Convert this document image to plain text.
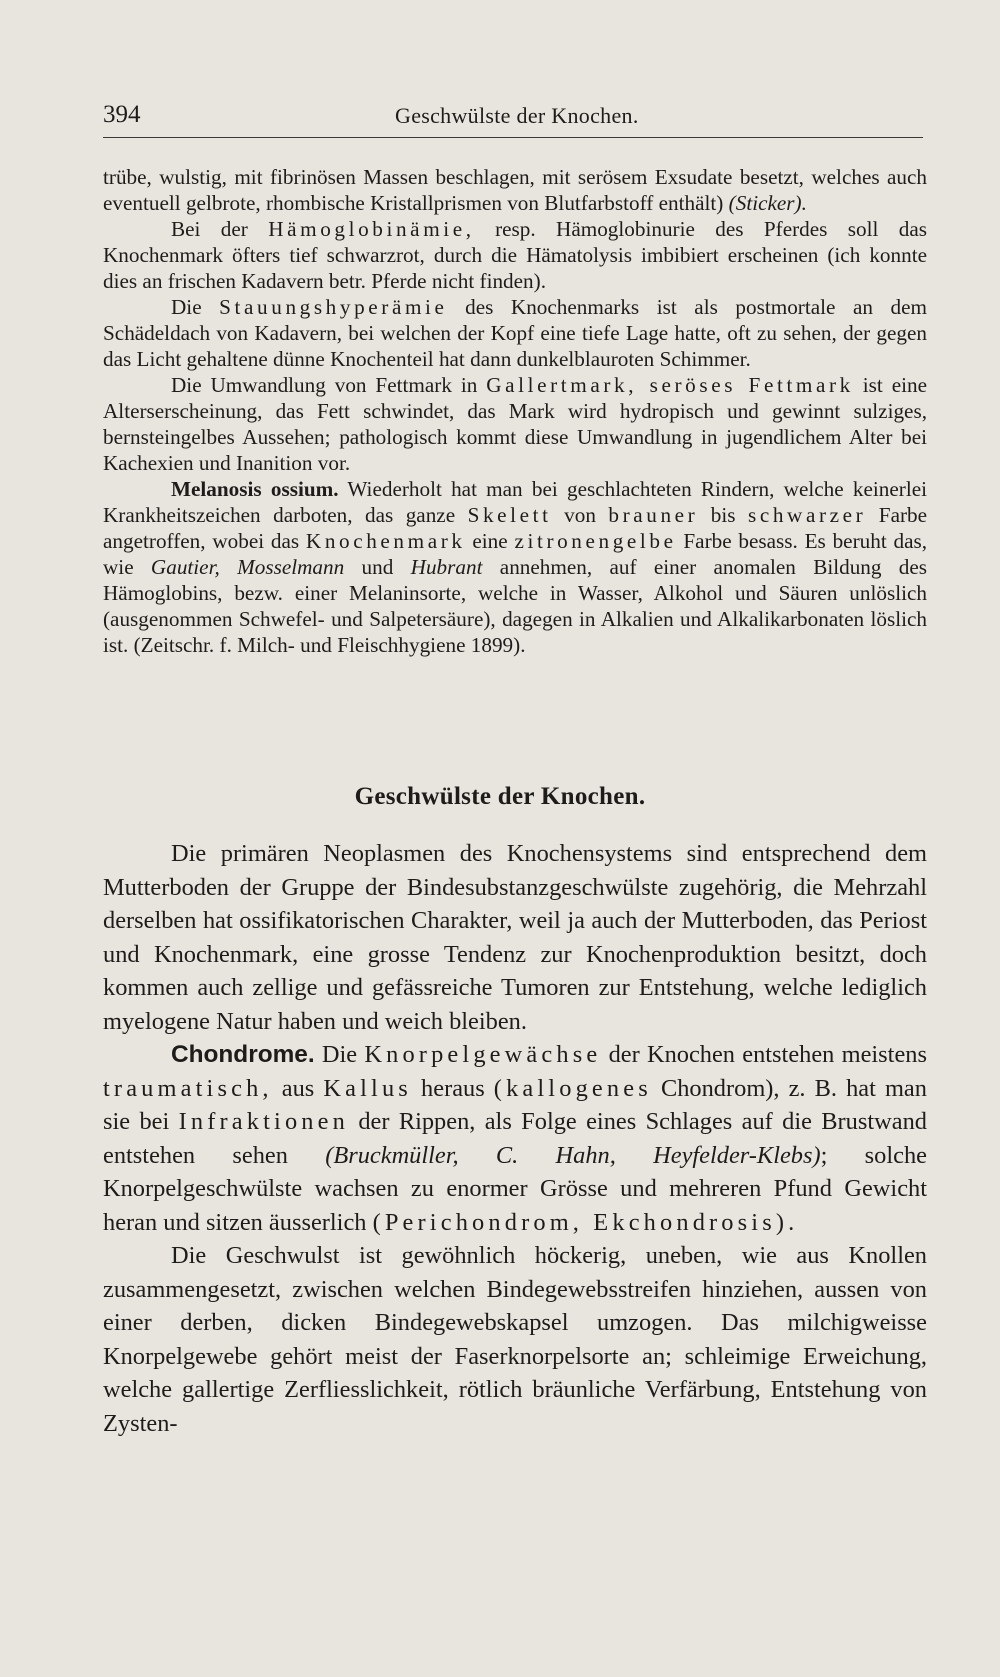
394	Geschwülste der Knochen.

trübe, wulstig, mit fibrinösen Massen beschlagen, mit serösem Exsudate besetzt, welches auch eventuell gelbrote, rhombische Kristallprismen von Blutfarbstoff enthält) (Sticker).

Bei der Hämoglobinämie, resp. Hämoglobinurie des Pferdes soll das Knochenmark öfters tief schwarzrot, durch die Hämatolysis imbibiert erscheinen (ich konnte dies an frischen Kadavern betr. Pferde nicht finden).

Die Stauungshyperämie des Knochenmarks ist als postmortale an dem Schädeldach von Kadavern, bei welchen der Kopf eine tiefe Lage hatte, oft zu sehen, der gegen das Licht gehaltene dünne Knochenteil hat dann dunkelblauroten Schimmer.

Die Umwandlung von Fettmark in Gallertmark, seröses Fettmark ist eine Alterserscheinung, das Fett schwindet, das Mark wird hydropisch und gewinnt sulziges, bernsteingelbes Aussehen; pathologisch kommt diese Umwandlung in jugendlichem Alter bei Kachexien und Inanition vor.

Melanosis ossium. Wiederholt hat man bei geschlachteten Rindern, welche keinerlei Krankheitszeichen darboten, das ganze Skelett von brauner bis schwarzer Farbe angetroffen, wobei das Knochenmark eine zitronengelbe Farbe besass. Es beruht das, wie Gautier, Mosselmann und Hubrant annehmen, auf einer anomalen Bildung des Hämoglobins, bezw. einer Melaninsorte, welche in Wasser, Alkohol und Säuren unlöslich (ausgenommen Schwefel- und Salpetersäure), dagegen in Alkalien und Alkalikarbonaten löslich ist. (Zeitschr. f. Milch- und Fleischhygiene 1899).

Geschwülste der Knochen.

Die primären Neoplasmen des Knochensystems sind entsprechend dem Mutterboden der Gruppe der Bindesubstanzgeschwülste zugehörig, die Mehrzahl derselben hat ossifikatorischen Charakter, weil ja auch der Mutterboden, das Periost und Knochenmark, eine grosse Tendenz zur Knochenproduktion besitzt, doch kommen auch zellige und gefässreiche Tumoren zur Entstehung, welche lediglich myelogene Natur haben und weich bleiben.

Chondrome. Die Knorpelgewächse der Knochen entstehen meistens traumatisch, aus Kallus heraus (kallogenes Chondrom), z. B. hat man sie bei Infraktionen der Rippen, als Folge eines Schlages auf die Brustwand entstehen sehen (Bruckmüller, C. Hahn, Heyfelder-Klebs); solche Knorpelgeschwülste wachsen zu enormer Grösse und mehreren Pfund Gewicht heran und sitzen äusserlich (Perichondrom, Ekchondrosis).

Die Geschwulst ist gewöhnlich höckerig, uneben, wie aus Knollen zusammengesetzt, zwischen welchen Bindegewebsstreifen hinziehen, aussen von einer derben, dicken Bindegewebskapsel umzogen. Das milchigweisse Knorpelgewebe gehört meist der Faserknorpelsorte an; schleimige Erweichung, welche gallertige Zerfliesslichkeit, rötlich bräunliche Verfärbung, Entstehung von Zysten-
